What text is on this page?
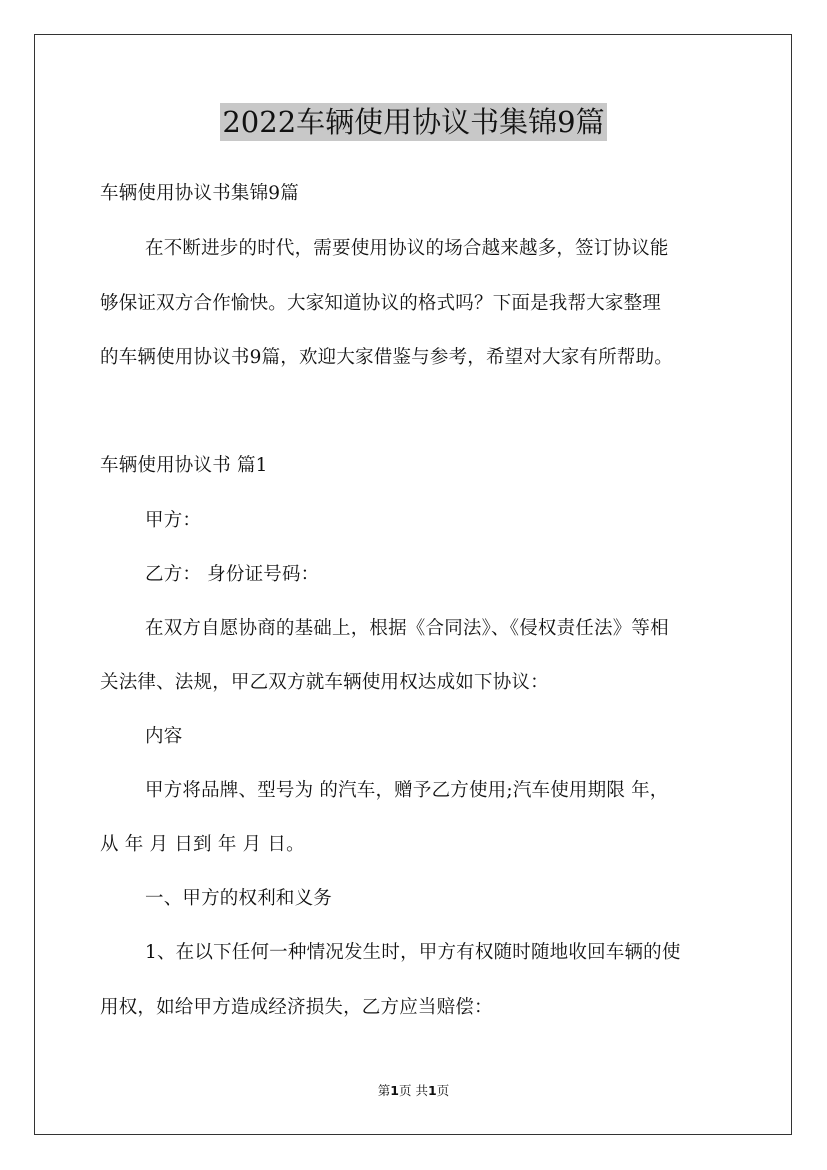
2022车辆使用协议书集锦9篇
车辆使用协议书集锦9篇
在不断进步的时代，需要使用协议的场合越来越多，签订协议能
够保证双方合作愉快。大家知道协议的格式吗？下面是我帮大家整理
的车辆使用协议书9篇，欢迎大家借鉴与参考，希望对大家有所帮助。
车辆使用协议书 篇1
甲方：
乙方： 身份证号码：
在双方自愿协商的基础上，根据《合同法》、《侵权责任法》等相
关法律、法规，甲乙双方就车辆使用权达成如下协议：
内容
甲方将品牌、型号为 的汽车，赠予乙方使用;汽车使用期限 年，
从 年 月 日到 年 月 日。
一、甲方的权利和义务
1、在以下任何一种情况发生时，甲方有权随时随地收回车辆的使
用权，如给甲方造成经济损失，乙方应当赔偿：
第1页 共1页
